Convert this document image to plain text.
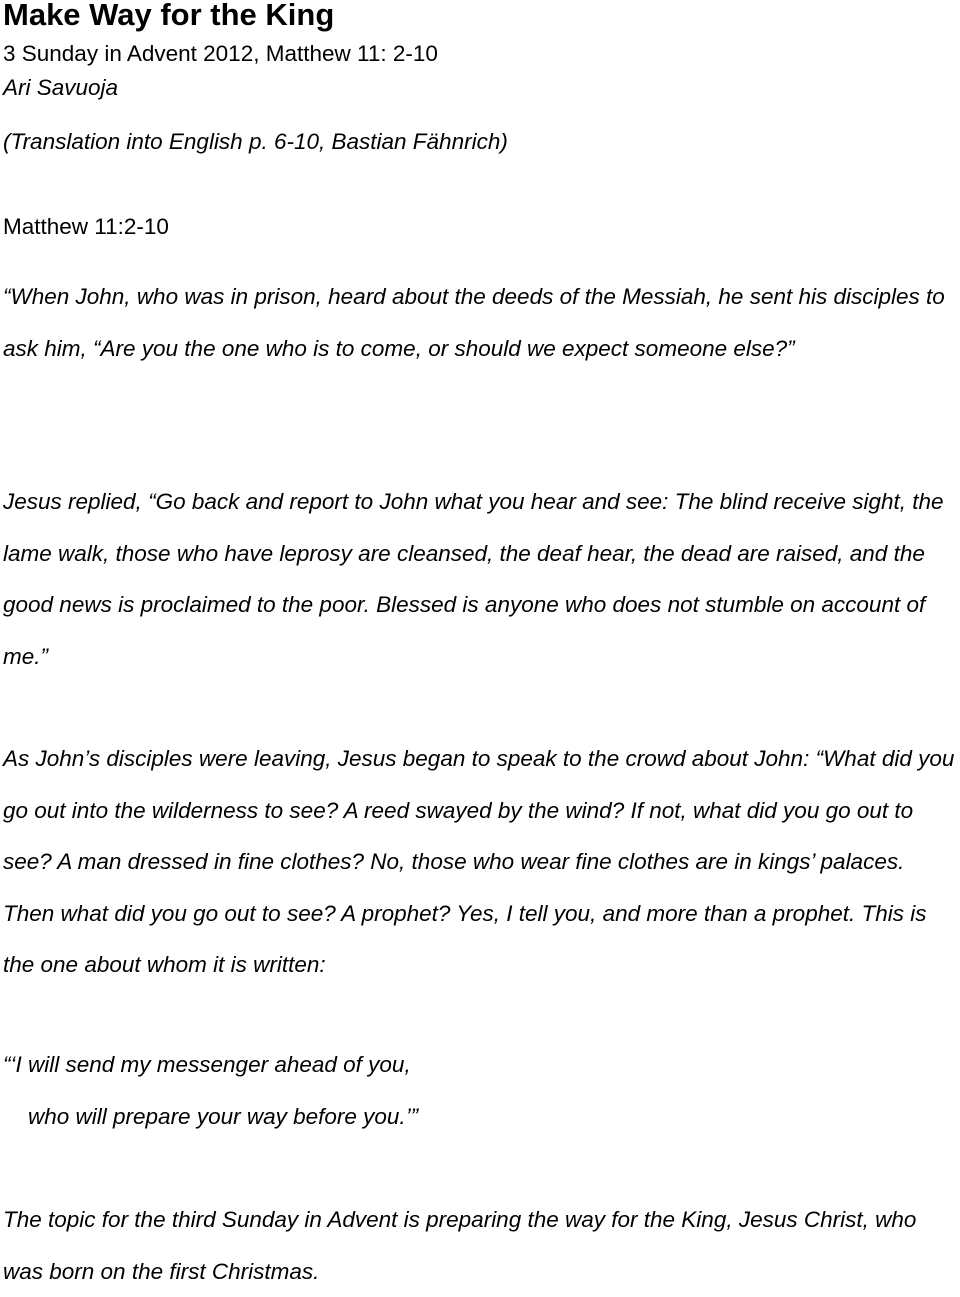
Make Way for the King

3 Sunday in Advent 2012, Matthew 11: 2-10

Ari Savuoja

(Translation into English p. 6-10, Bastian Fähnrich)

Matthew 11:2-10

“When John, who was in prison, heard about the deeds of the Messiah, he sent his disciples to ask him, “Are you the one who is to come, or should we expect someone else?”

Jesus replied, “Go back and report to John what you hear and see: The blind receive sight, the lame walk, those who have leprosy are cleansed, the deaf hear, the dead are raised, and the good news is proclaimed to the poor. Blessed is anyone who does not stumble on account of me.”

As John’s disciples were leaving, Jesus began to speak to the crowd about John: “What did you go out into the wilderness to see? A reed swayed by the wind? If not, what did you go out to see? A man dressed in fine clothes? No, those who wear fine clothes are in kings’ palaces. Then what did you go out to see? A prophet? Yes, I tell you, and more than a prophet. This is the one about whom it is written:

“‘I will send my messenger ahead of you,

who will prepare your way before you.’”

The topic for the third Sunday in Advent is preparing the way for the King, Jesus Christ, who was born on the first Christmas.
